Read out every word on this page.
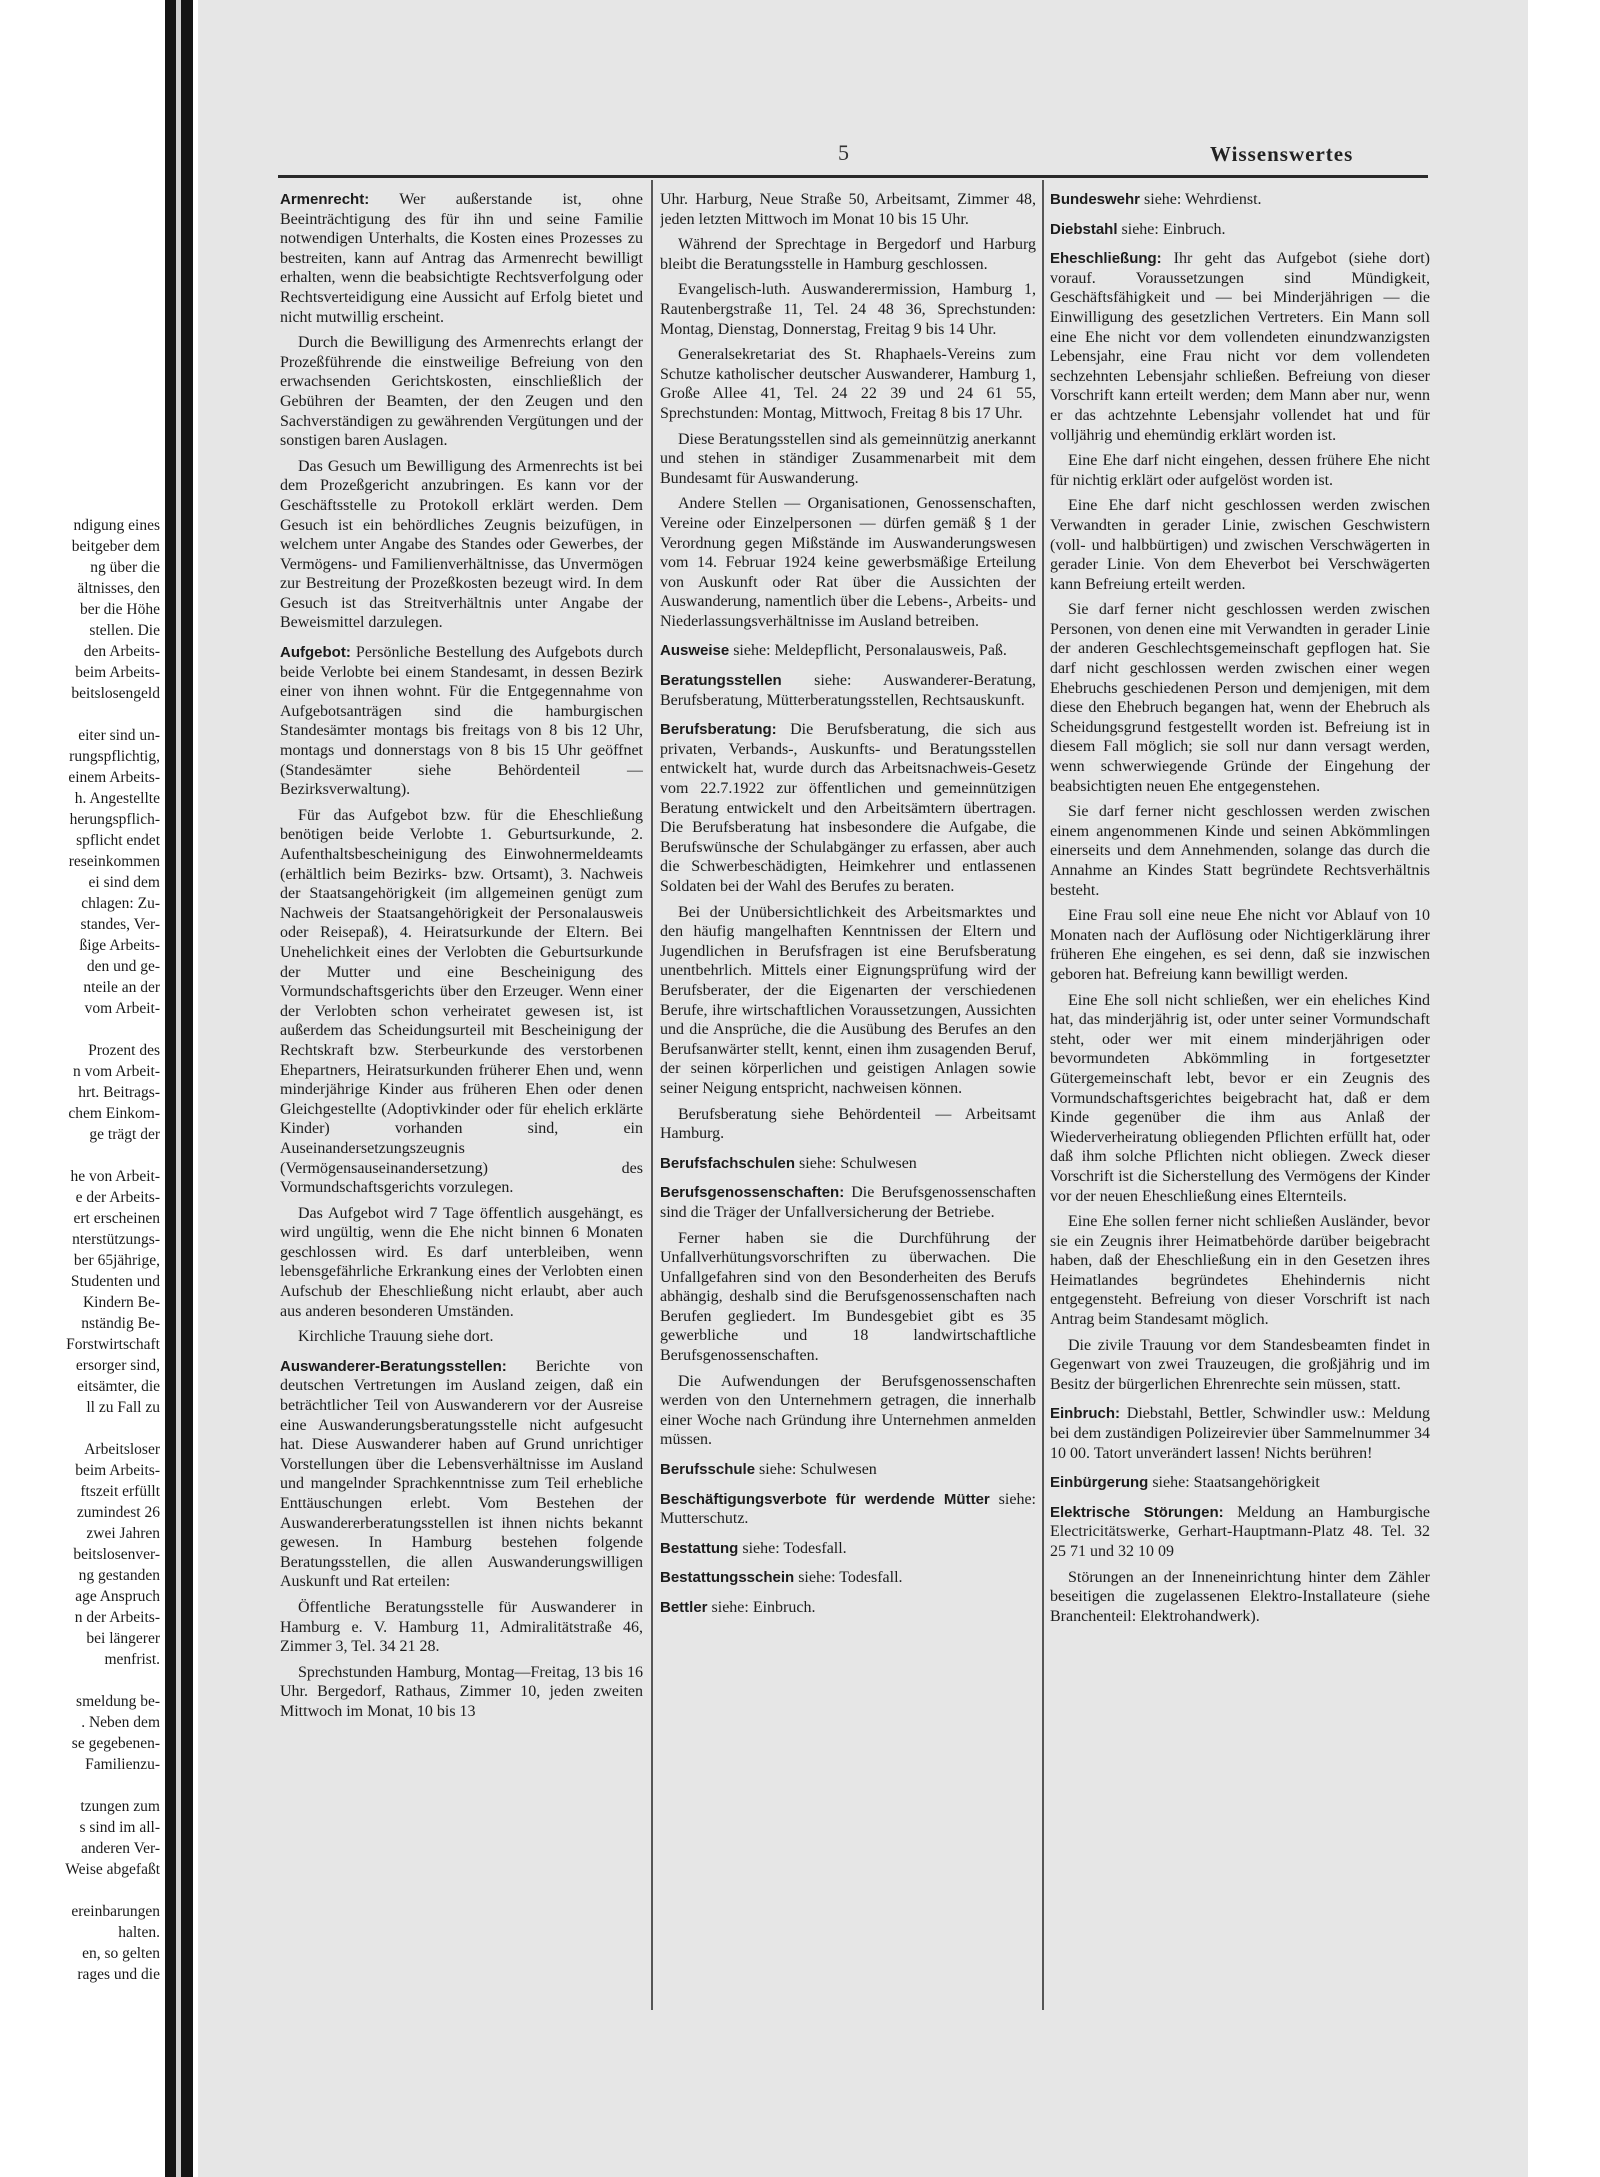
ndigung eines
beitgeber dem
ng über die
ältnisses, den
ber die Höhe
stellen. Die
den Arbeits-
beim Arbeits-
beitslosengeld
eiter sind un-
rungspflichtig,
einem Arbeits-
h. Angestellte
herungspflich-
spflicht endet
reseinkommen
ei sind dem
chlagen: Zu-
standes, Ver-
ßige Arbeits-
den und ge-
nteile an der
vom Arbeit-
Prozent des
n vom Arbeit-
hrt. Beitrags-
chem Einkom-
ge trägt der
he von Arbeit-
e der Arbeits-
ert erscheinen
nterstützungs-
ber 65jährige,
Studenten und
Kindern Be-
nständig Be-
Forstwirtschaft
ersorger sind,
eitsämter, die
ll zu Fall zu
Arbeitsloser
beim Arbeits-
ftszeit erfüllt
zumindest 26
zwei Jahren
beitslosenver-
ng gestanden
age Anspruch
n der Arbeits-
bei längerer
menfrist.
smeldung be-
. Neben dem
se gegebenen-
Familienzu-
tzungen zum
s sind im all-
anderen Ver-
Weise abgefaßt
ereinbarungen
halten.
en, so gelten
rages und die
5	Wissenswertes

Armenrecht: Wer außerstande ist, ohne Beeinträchtigung des für ihn und seine Familie notwendigen Unterhalts, die Kosten eines Prozesses zu bestreiten, kann auf Antrag das Armenrecht bewilligt erhalten, wenn die beabsichtigte Rechtsverfolgung oder Rechtsverteidigung eine Aussicht auf Erfolg bietet und nicht mutwillig erscheint.

Durch die Bewilligung des Armenrechts erlangt der Prozeßführende die einstweilige Befreiung von den erwachsenden Gerichtskosten, einschließlich der Gebühren der Beamten, der den Zeugen und den Sachverständigen zu gewährenden Vergütungen und der sonstigen baren Auslagen.

Das Gesuch um Bewilligung des Armenrechts ist bei dem Prozeßgericht anzubringen. Es kann vor der Geschäftsstelle zu Protokoll erklärt werden. Dem Gesuch ist ein behördliches Zeugnis beizufügen, in welchem unter Angabe des Standes oder Gewerbes, der Vermögens- und Familienverhältnisse, das Unvermögen zur Bestreitung der Prozeßkosten bezeugt wird. In dem Gesuch ist das Streitverhältnis unter Angabe der Beweismittel darzulegen.

Aufgebot: Persönliche Bestellung des Aufgebots durch beide Verlobte bei einem Standesamt, in dessen Bezirk einer von ihnen wohnt. Für die Entgegennahme von Aufgebotsanträgen sind die hamburgischen Standesämter montags bis freitags von 8 bis 12 Uhr, montags und donnerstags von 8 bis 15 Uhr geöffnet (Standesämter siehe Behördenteil — Bezirksverwaltung).

Für das Aufgebot bzw. für die Eheschließung benötigen beide Verlobte 1. Geburtsurkunde, 2. Aufenthaltsbescheinigung des Einwohnermeldeamts (erhältlich beim Bezirks- bzw. Ortsamt), 3. Nachweis der Staatsangehörigkeit (im allgemeinen genügt zum Nachweis der Staatsangehörigkeit der Personalausweis oder Reisepaß), 4. Heiratsurkunde der Eltern. Bei Unehelichkeit eines der Verlobten die Geburtsurkunde der Mutter und eine Bescheinigung des Vormundschaftsgerichts über den Erzeuger. Wenn einer der Verlobten schon verheiratet gewesen ist, ist außerdem das Scheidungsurteil mit Bescheinigung der Rechtskraft bzw. Sterbeurkunde des verstorbenen Ehepartners, Heiratsurkunden früherer Ehen und, wenn minderjährige Kinder aus früheren Ehen oder denen Gleichgestellte (Adoptivkinder oder für ehelich erklärte Kinder) vorhanden sind, ein Auseinandersetzungszeugnis (Vermögensauseinandersetzung) des Vormundschaftsgerichts vorzulegen.

Das Aufgebot wird 7 Tage öffentlich ausgehängt, es wird ungültig, wenn die Ehe nicht binnen 6 Monaten geschlossen wird. Es darf unterbleiben, wenn lebensgefährliche Erkrankung eines der Verlobten einen Aufschub der Eheschließung nicht erlaubt, aber auch aus anderen besonderen Umständen.

Kirchliche Trauung siehe dort.

Auswanderer-Beratungsstellen: Berichte von deutschen Vertretungen im Ausland zeigen, daß ein beträchtlicher Teil von Auswanderern vor der Ausreise eine Auswanderungsberatungsstelle nicht aufgesucht hat. Diese Auswanderer haben auf Grund unrichtiger Vorstellungen über die Lebensverhältnisse im Ausland und mangelnder Sprachkenntnisse zum Teil erhebliche Enttäuschungen erlebt. Vom Bestehen der Auswandererberatungsstellen ist ihnen nichts bekannt gewesen. In Hamburg bestehen folgende Beratungsstellen, die allen Auswanderungswilligen Auskunft und Rat erteilen:

Öffentliche Beratungsstelle für Auswanderer in Hamburg e. V. Hamburg 11, Admiralitätstraße 46, Zimmer 3, Tel. 34 21 28.

Sprechstunden Hamburg, Montag—Freitag, 13 bis 16 Uhr. Bergedorf, Rathaus, Zimmer 10, jeden zweiten Mittwoch im Monat, 10 bis 13

Uhr. Harburg, Neue Straße 50, Arbeitsamt, Zimmer 48, jeden letzten Mittwoch im Monat 10 bis 15 Uhr.

Während der Sprechtage in Bergedorf und Harburg bleibt die Beratungsstelle in Hamburg geschlossen.

Evangelisch-luth. Auswanderermission, Hamburg 1, Rautenbergstraße 11, Tel. 24 48 36, Sprechstunden: Montag, Dienstag, Donnerstag, Freitag 9 bis 14 Uhr.

Generalsekretariat des St. Rhaphaels-Vereins zum Schutze katholischer deutscher Auswanderer, Hamburg 1, Große Allee 41, Tel. 24 22 39 und 24 61 55, Sprechstunden: Montag, Mittwoch, Freitag 8 bis 17 Uhr.

Diese Beratungsstellen sind als gemeinnützig anerkannt und stehen in ständiger Zusammenarbeit mit dem Bundesamt für Auswanderung.

Andere Stellen — Organisationen, Genossenschaften, Vereine oder Einzelpersonen — dürfen gemäß § 1 der Verordnung gegen Mißstände im Auswanderungswesen vom 14. Februar 1924 keine gewerbsmäßige Erteilung von Auskunft oder Rat über die Aussichten der Auswanderung, namentlich über die Lebens-, Arbeits- und Niederlassungsverhältnisse im Ausland betreiben.

Ausweise siehe: Meldepflicht, Personalausweis, Paß.

Beratungsstellen siehe: Auswanderer-Beratung, Berufsberatung, Mütterberatungsstellen, Rechtsauskunft.

Berufsberatung: Die Berufsberatung, die sich aus privaten, Verbands-, Auskunfts- und Beratungsstellen entwickelt hat, wurde durch das Arbeitsnachweis-Gesetz vom 22.7.1922 zur öffentlichen und gemeinnützigen Beratung entwickelt und den Arbeitsämtern übertragen. Die Berufsberatung hat insbesondere die Aufgabe, die Berufswünsche der Schulabgänger zu erfassen, aber auch die Schwerbeschädigten, Heimkehrer und entlassenen Soldaten bei der Wahl des Berufes zu beraten.

Bei der Unübersichtlichkeit des Arbeitsmarktes und den häufig mangelhaften Kenntnissen der Eltern und Jugendlichen in Berufsfragen ist eine Berufsberatung unentbehrlich. Mittels einer Eignungsprüfung wird der Berufsberater, der die Eigenarten der verschiedenen Berufe, ihre wirtschaftlichen Voraussetzungen, Aussichten und die Ansprüche, die die Ausübung des Berufes an den Berufsanwärter stellt, kennt, einen ihm zusagenden Beruf, der seinen körperlichen und geistigen Anlagen sowie seiner Neigung entspricht, nachweisen können.

Berufsberatung siehe Behördenteil — Arbeitsamt Hamburg.

Berufsfachschulen siehe: Schulwesen

Berufsgenossenschaften: Die Berufsgenossenschaften sind die Träger der Unfallversicherung der Betriebe.

Ferner haben sie die Durchführung der Unfallverhütungsvorschriften zu überwachen. Die Unfallgefahren sind von den Besonderheiten des Berufs abhängig, deshalb sind die Berufsgenossenschaften nach Berufen gegliedert. Im Bundesgebiet gibt es 35 gewerbliche und 18 landwirtschaftliche Berufsgenossenschaften.

Die Aufwendungen der Berufsgenossenschaften werden von den Unternehmern getragen, die innerhalb einer Woche nach Gründung ihre Unternehmen anmelden müssen.

Berufsschule siehe: Schulwesen

Beschäftigungsverbote für werdende Mütter siehe: Mutterschutz.

Bestattung siehe: Todesfall.

Bestattungsschein siehe: Todesfall.

Bettler siehe: Einbruch.

Bundeswehr siehe: Wehrdienst.

Diebstahl siehe: Einbruch.

Eheschließung: Ihr geht das Aufgebot (siehe dort) vorauf. Voraussetzungen sind Mündigkeit, Geschäftsfähigkeit und — bei Minderjährigen — die Einwilligung des gesetzlichen Vertreters. Ein Mann soll eine Ehe nicht vor dem vollendeten einundzwanzigsten Lebensjahr, eine Frau nicht vor dem vollendeten sechzehnten Lebensjahr schließen. Befreiung von dieser Vorschrift kann erteilt werden; dem Mann aber nur, wenn er das achtzehnte Lebensjahr vollendet hat und für volljährig und ehemündig erklärt worden ist.

Eine Ehe darf nicht eingehen, dessen frühere Ehe nicht für nichtig erklärt oder aufgelöst worden ist.

Eine Ehe darf nicht geschlossen werden zwischen Verwandten in gerader Linie, zwischen Geschwistern (voll- und halbbürtigen) und zwischen Verschwägerten in gerader Linie. Von dem Eheverbot bei Verschwägerten kann Befreiung erteilt werden.

Sie darf ferner nicht geschlossen werden zwischen Personen, von denen eine mit Verwandten in gerader Linie der anderen Geschlechtsgemeinschaft gepflogen hat. Sie darf nicht geschlossen werden zwischen einer wegen Ehebruchs geschiedenen Person und demjenigen, mit dem diese den Ehebruch begangen hat, wenn der Ehebruch als Scheidungsgrund festgestellt worden ist. Befreiung ist in diesem Fall möglich; sie soll nur dann versagt werden, wenn schwerwiegende Gründe der Eingehung der beabsichtigten neuen Ehe entgegenstehen.

Sie darf ferner nicht geschlossen werden zwischen einem angenommenen Kinde und seinen Abkömmlingen einerseits und dem Annehmenden, solange das durch die Annahme an Kindes Statt begründete Rechtsverhältnis besteht.

Eine Frau soll eine neue Ehe nicht vor Ablauf von 10 Monaten nach der Auflösung oder Nichtigerklärung ihrer früheren Ehe eingehen, es sei denn, daß sie inzwischen geboren hat. Befreiung kann bewilligt werden.

Eine Ehe soll nicht schließen, wer ein eheliches Kind hat, das minderjährig ist, oder unter seiner Vormundschaft steht, oder wer mit einem minderjährigen oder bevormundeten Abkömmling in fortgesetzter Gütergemeinschaft lebt, bevor er ein Zeugnis des Vormundschaftsgerichtes beigebracht hat, daß er dem Kinde gegenüber die ihm aus Anlaß der Wiederverheiratung obliegenden Pflichten erfüllt hat, oder daß ihm solche Pflichten nicht obliegen. Zweck dieser Vorschrift ist die Sicherstellung des Vermögens der Kinder vor der neuen Eheschließung eines Elternteils.

Eine Ehe sollen ferner nicht schließen Ausländer, bevor sie ein Zeugnis ihrer Heimatbehörde darüber beigebracht haben, daß der Eheschließung ein in den Gesetzen ihres Heimatlandes begründetes Ehehindernis nicht entgegensteht. Befreiung von dieser Vorschrift ist nach Antrag beim Standesamt möglich.

Die zivile Trauung vor dem Standesbeamten findet in Gegenwart von zwei Trauzeugen, die großjährig und im Besitz der bürgerlichen Ehrenrechte sein müssen, statt.

Einbruch: Diebstahl, Bettler, Schwindler usw.: Meldung bei dem zuständigen Polizeirevier über Sammelnummer 34 10 00. Tatort unverändert lassen! Nichts berühren!

Einbürgerung siehe: Staatsangehörigkeit

Elektrische Störungen: Meldung an Hamburgische Electricitätswerke, Gerhart-Hauptmann-Platz 48. Tel. 32 25 71 und 32 10 09

Störungen an der Inneneinrichtung hinter dem Zähler beseitigen die zugelassenen Elektro-Installateure (siehe Branchenteil: Elektrohandwerk).
